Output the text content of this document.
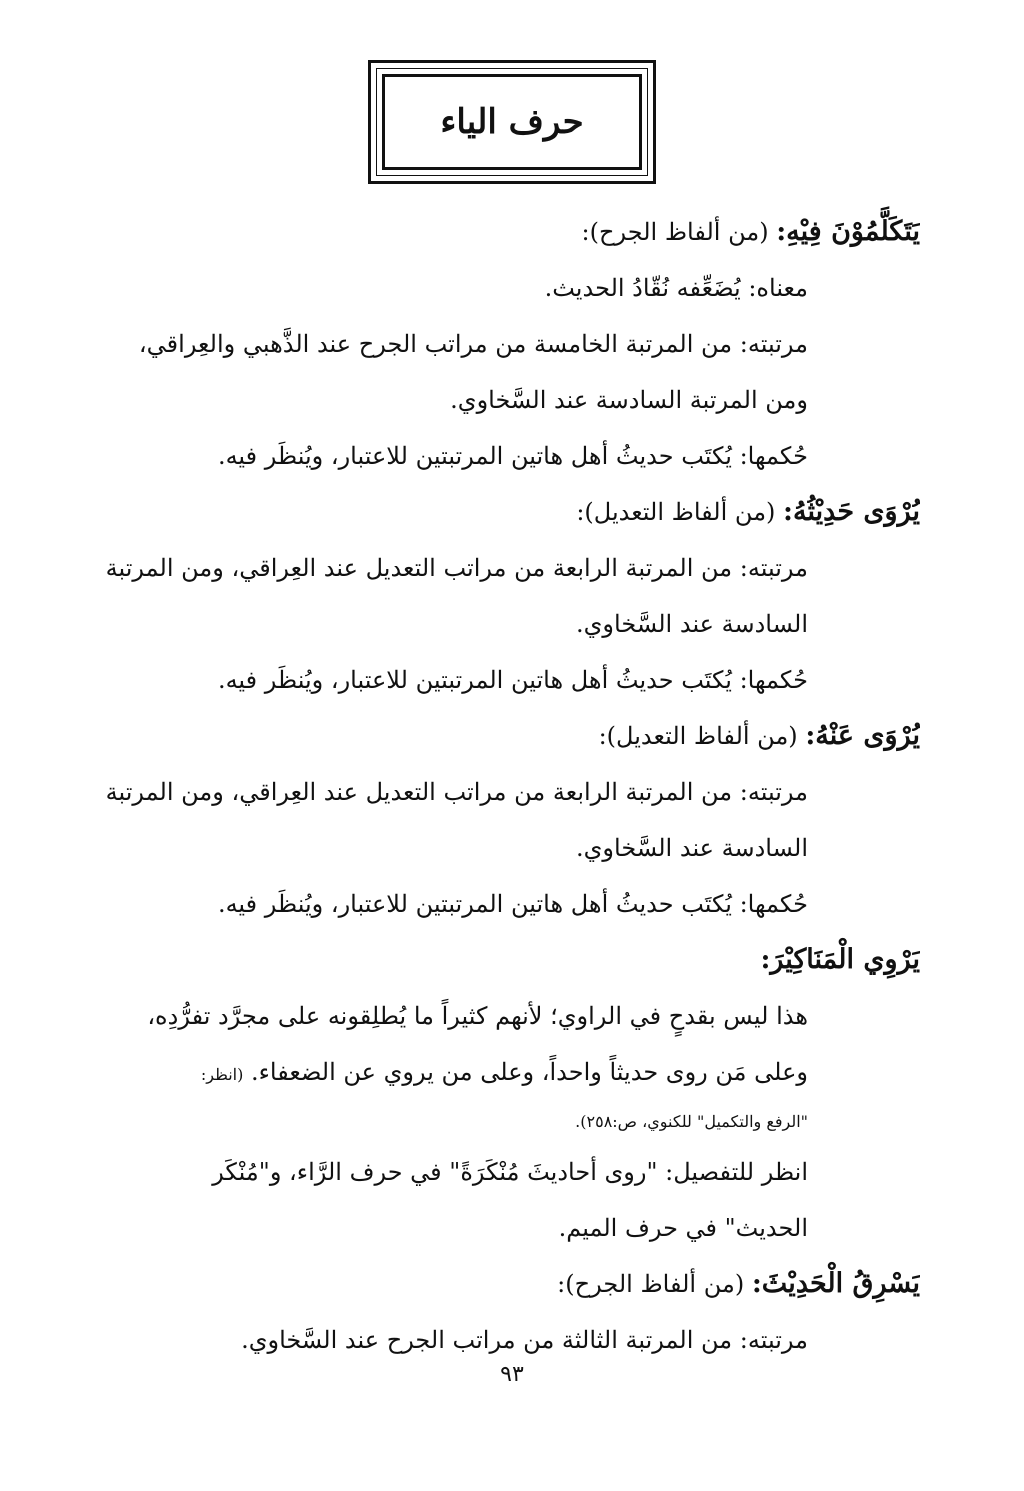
حرف الياء
يَتَكَلَّمُوْنَ فِيْهِ: (من ألفاظ الجرح):
معناه: يُضَعِّفه نُقّادُ الحديث.
مرتبته: من المرتبة الخامسة من مراتب الجرح عند الذَّهبي والعِراقي،
ومن المرتبة السادسة عند السَّخاوي.
حُكمها: يُكتَب حديثُ أهل هاتين المرتبتين للاعتبار، ويُنظَر فيه.
يُرْوَى حَدِيْثُهُ: (من ألفاظ التعديل):
مرتبته: من المرتبة الرابعة من مراتب التعديل عند العِراقي، ومن المرتبة
السادسة عند السَّخاوي.
حُكمها: يُكتَب حديثُ أهل هاتين المرتبتين للاعتبار، ويُنظَر فيه.
يُرْوَى عَنْهُ: (من ألفاظ التعديل):
مرتبته: من المرتبة الرابعة من مراتب التعديل عند العِراقي، ومن المرتبة
السادسة عند السَّخاوي.
حُكمها: يُكتَب حديثُ أهل هاتين المرتبتين للاعتبار، ويُنظَر فيه.
يَرْوِي الْمَنَاكِيْرَ:
هذا ليس بقدحٍ في الراوي؛ لأنهم كثيراً ما يُطلِقونه على مجرَّد تفرُّدِه،
وعلى مَن روى حديثاً واحداً، وعلى من يروي عن الضعفاء. (انظر:
"الرفع والتكميل" للكنوي، ص:٢٥٨).
انظر للتفصيل: "روى أحاديثَ مُنْكَرَةً" في حرف الرَّاء، و"مُنْكَر
الحديث" في حرف الميم.
يَسْرِقُ الْحَدِيْثَ: (من ألفاظ الجرح):
مرتبته: من المرتبة الثالثة من مراتب الجرح عند السَّخاوي.
٩٣
